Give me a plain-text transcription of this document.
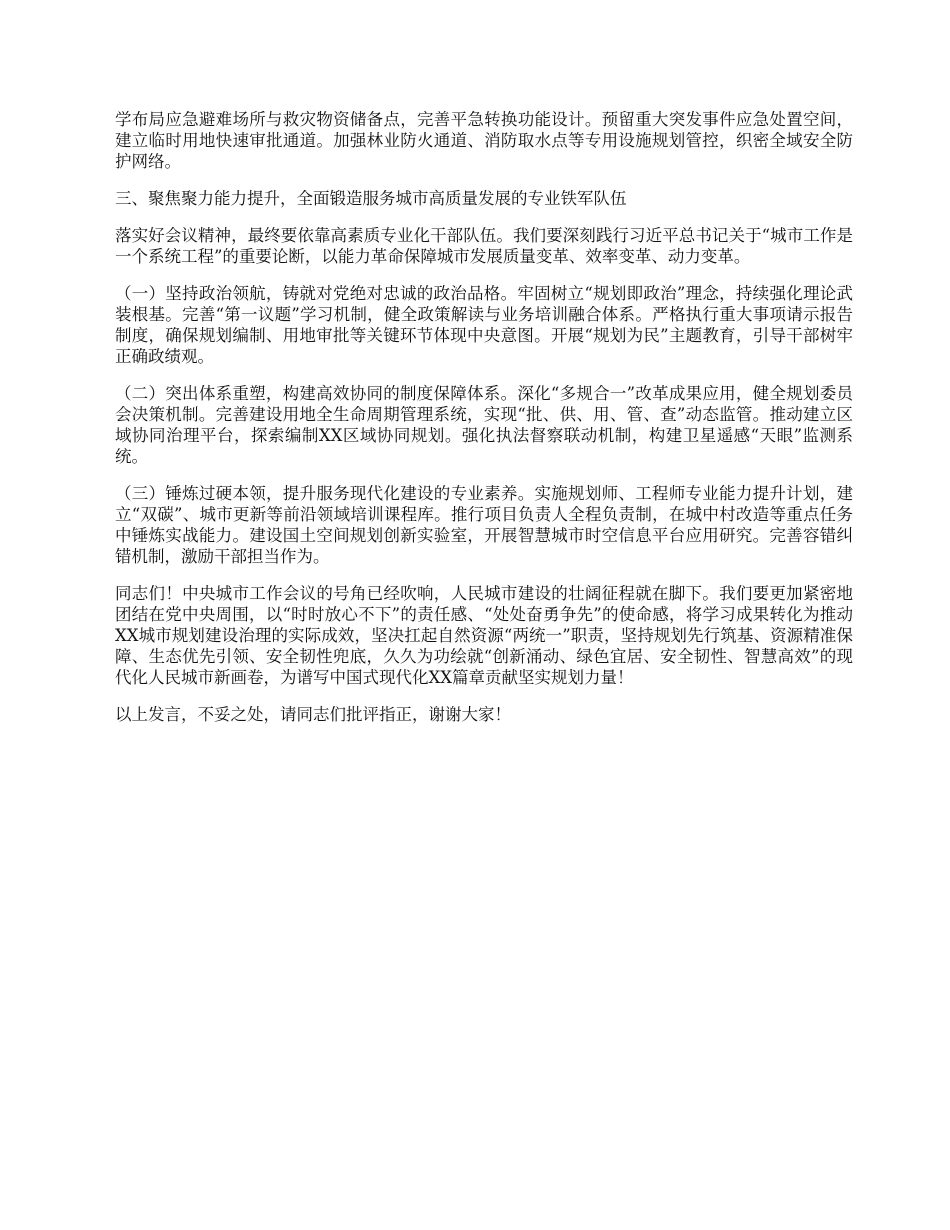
学布局应急避难场所与救灾物资储备点，完善平急转换功能设计。预留重大突发事件应急处置空间，建立临时用地快速审批通道。加强林业防火通道、消防取水点等专用设施规划管控，织密全域安全防护网络。

三、聚焦聚力能力提升，全面锻造服务城市高质量发展的专业铁军队伍

落实好会议精神，最终要依靠高素质专业化干部队伍。我们要深刻践行习近平总书记关于“城市工作是一个系统工程”的重要论断，以能力革命保障城市发展质量变革、效率变革、动力变革。

（一）坚持政治领航，铸就对党绝对忠诚的政治品格。牢固树立“规划即政治”理念，持续强化理论武装根基。完善“第一议题”学习机制，健全政策解读与业务培训融合体系。严格执行重大事项请示报告制度，确保规划编制、用地审批等关键环节体现中央意图。开展“规划为民”主题教育，引导干部树牢正确政绩观。

（二）突出体系重塑，构建高效协同的制度保障体系。深化“多规合一”改革成果应用，健全规划委员会决策机制。完善建设用地全生命周期管理系统，实现“批、供、用、管、查”动态监管。推动建立区域协同治理平台，探索编制XX区域协同规划。强化执法督察联动机制，构建卫星遥感“天眼”监测系统。

（三）锤炼过硬本领，提升服务现代化建设的专业素养。实施规划师、工程师专业能力提升计划，建立“双碳”、城市更新等前沿领域培训课程库。推行项目负责人全程负责制，在城中村改造等重点任务中锤炼实战能力。建设国土空间规划创新实验室，开展智慧城市时空信息平台应用研究。完善容错纠错机制，激励干部担当作为。

同志们！中央城市工作会议的号角已经吹响，人民城市建设的壮阔征程就在脚下。我们要更加紧密地团结在党中央周围，以“时时放心不下”的责任感、“处处奋勇争先”的使命感，将学习成果转化为推动XX城市规划建设治理的实际成效，坚决扛起自然资源“两统一”职责，坚持规划先行筑基、资源精准保障、生态优先引领、安全韧性兜底，久久为功绘就“创新涌动、绿色宜居、安全韧性、智慧高效”的现代化人民城市新画卷，为谱写中国式现代化XX篇章贡献坚实规划力量！

以上发言，不妥之处，请同志们批评指正，谢谢大家！
